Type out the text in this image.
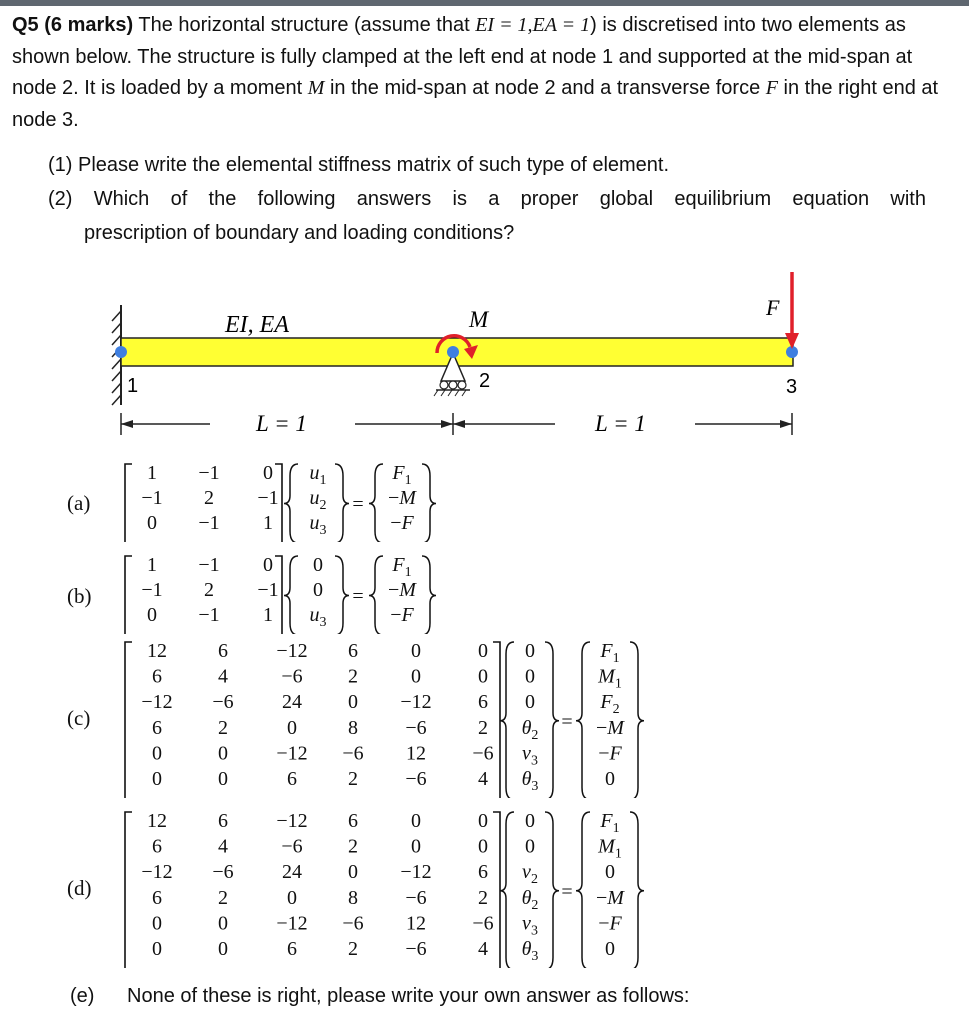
Q5 (6 marks) The horizontal structure (assume that EI = 1,EA = 1) is discretised into two elements as shown below. The structure is fully clamped at the left end at node 1 and supported at the mid-span at node 2. It is loaded by a moment M in the mid-span at node 2 and a transverse force F in the right end at node 3.

(1) Please write the elemental stiffness matrix of such type of element.
(2) Which of the following answers is a proper global equilibrium equation with
prescription of boundary and loading conditions?
EI, EA	M	F
1	2	3
L = 1	L = 1
(a)
1 −1 0
−1 2 −1
0 −1 1
$u_1$
$u_2$
$u_3$
=
$F_1$
−M
−F
(b)
1 −1 0
−1 2 −1
0 −1 1
0
0
$u_3$
=
$F_1$
−M
−F
(c)
12	6 −12 6	0	0
6	4	−6 2	0	0
−12 −6 24 0 −12 6
6	2	0	8 −6	2
0	0 −12 −6 12 −6
0	0	6	2 −6	4
0
0
0
$\theta_2$
$v_3$
$\theta_3$
=
$F_1$
$M_1$
$F_2$
−M
−F
0
(d)
12	6 −12 6	0	0
6	4	−6 2	0	0
−12 −6 24 0 −12 6
6	2	0	8 −6	2
0	0 −12 −6 12 −6
0	0	6	2 −6	4
0
0
$v_2$
$\theta_2$
$v_3$
$\theta_3$
=
$F_1$
$M_1$
0
−M
−F
0
(e) None of these is right, please write your own answer as follows:
